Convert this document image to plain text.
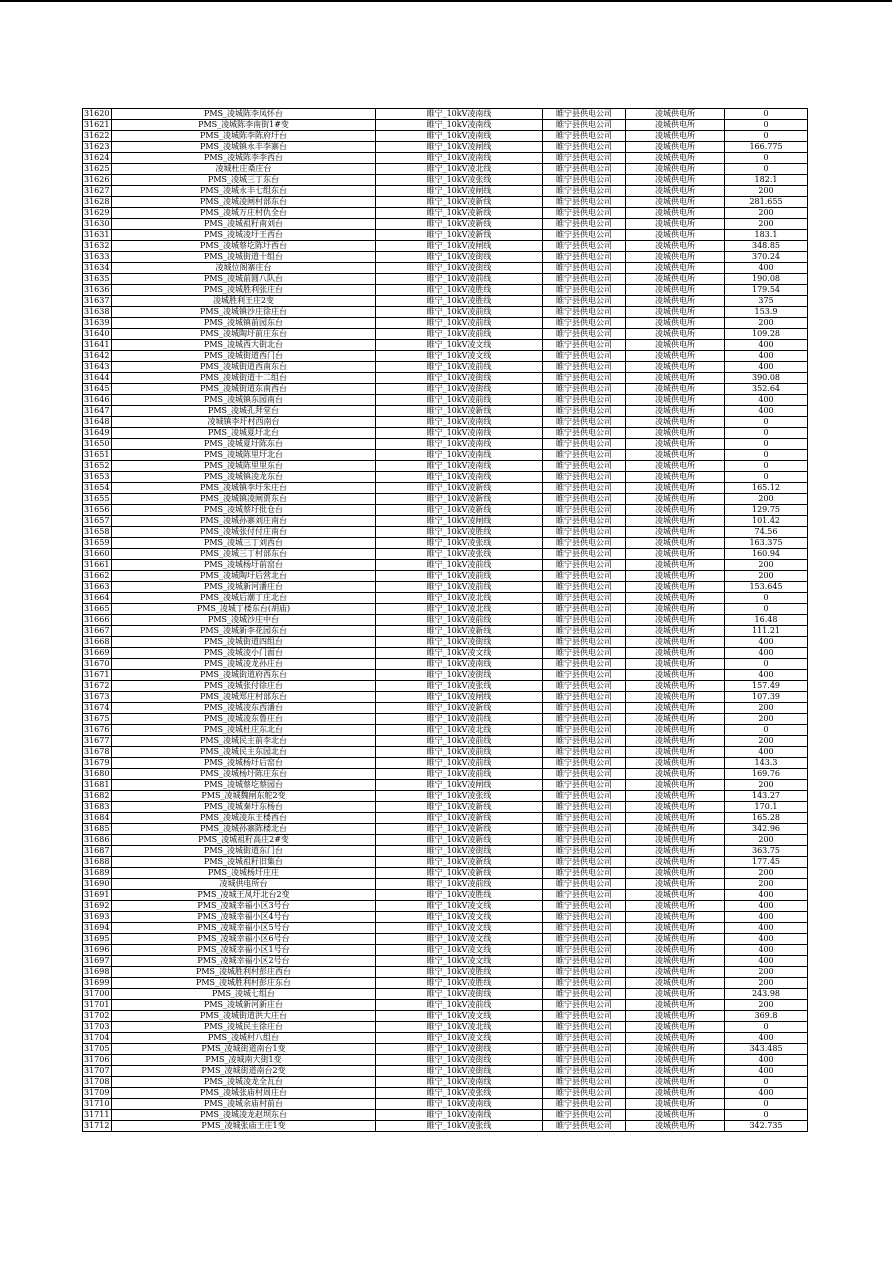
31620	PMS_凌城陈李凤怀台	睢宁_10kV凌南线	睢宁县供电公司	凌城供电所	0
31621	PMS_凌城陈李南街1#变	睢宁_10kV凌南线	睢宁县供电公司	凌城供电所	0
31622	PMS_凌城陈李陈府圩台	睢宁_10kV凌南线	睢宁县供电公司	凌城供电所	0
31623	PMS_凌城镇永丰李寨台	睢宁_10kV凌闸线	睢宁县供电公司	凌城供电所	166.775
31624	PMS_凌城陈李李西台	睢宁_10kV凌南线	睢宁县供电公司	凌城供电所	0
31625	凌城杜庄桑庄台	睢宁_10kV凌北线	睢宁县供电公司	凌城供电所	0
31626	PMS_凌城三丁东台	睢宁_10kV凌张线	睢宁县供电公司	凌城供电所	182.1
31627	PMS_凌城永丰七组东台	睢宁_10kV凌闸线	睢宁县供电公司	凌城供电所	200
31628	PMS_凌城凌闸村部东台	睢宁_10kV凌新线	睢宁县供电公司	凌城供电所	281.655
31629	PMS_凌城万庄村仇全台	睢宁_10kV凌新线	睢宁县供电公司	凌城供电所	200
31630	PMS_凌城祖籽南刘台	睢宁_10kV凌新线	睢宁县供电公司	凌城供电所	200
31631	PMS_凌城凌圩王西台	睢宁_10kV凌新线	睢宁县供电公司	凌城供电所	183.1
31632	PMS_凌城蔡圪陈圩西台	睢宁_10kV凌闸线	睢宁县供电公司	凌城供电所	348.85
31633	PMS_凌城街道十组台	睢宁_10kV凌街线	睢宁县供电公司	凌城供电所	370.24
31634	凌城位阁寨庄台	睢宁_10kV凌街线	睢宁县供电公司	凌城供电所	400
31635	PMS_凌城前圆八队台	睢宁_10kV凌前线	睢宁县供电公司	凌城供电所	190.08
31636	PMS_凌城胜利张庄台	睢宁_10kV凌胜线	睢宁县供电公司	凌城供电所	179.54
31637	凌城胜利王庄2变	睢宁_10kV凌胜线	睢宁县供电公司	凌城供电所	375
31638	PMS_凌城镇沙庄徐庄台	睢宁_10kV凌前线	睢宁县供电公司	凌城供电所	153.9
31639	PMS_凌城镇前园东台	睢宁_10kV凌前线	睢宁县供电公司	凌城供电所	200
31640	PMS_凌城陶圩前庄东台	睢宁_10kV凌前线	睢宁县供电公司	凌城供电所	109.28
31641	PMS_凌城西大街北台	睢宁_10kV凌文线	睢宁县供电公司	凌城供电所	400
31642	PMS_凌城街道西门台	睢宁_10kV凌文线	睢宁县供电公司	凌城供电所	400
31643	PMS_凌城街道西南东台	睢宁_10kV凌前线	睢宁县供电公司	凌城供电所	400
31644	PMS_凌城街道十二组台	睢宁_10kV凌街线	睢宁县供电公司	凌城供电所	390.08
31645	PMS_凌城街道东南西台	睢宁_10kV凌街线	睢宁县供电公司	凌城供电所	352.64
31646	PMS_凌城镇东园南台	睢宁_10kV凌前线	睢宁县供电公司	凌城供电所	400
31647	PMS_凌城孔拜堂台	睢宁_10kV凌新线	睢宁县供电公司	凌城供电所	400
31648	凌城镇李圩村西南台	睢宁_10kV凌南线	睢宁县供电公司	凌城供电所	0
31649	PMS_凌城夏圩北台	睢宁_10kV凌南线	睢宁县供电公司	凌城供电所	0
31650	PMS_凌城夏圩陈东台	睢宁_10kV凌南线	睢宁县供电公司	凌城供电所	0
31651	PMS_凌城陈里圩北台	睢宁_10kV凌南线	睢宁县供电公司	凌城供电所	0
31652	PMS_凌城陈里里东台	睢宁_10kV凌南线	睢宁县供电公司	凌城供电所	0
31653	PMS_凌城镇凌龙东台	睢宁_10kV凌南线	睢宁县供电公司	凌城供电所	0
31654	PMS_凌城镇李圩朱庄台	睢宁_10kV凌新线	睢宁县供电公司	凌城供电所	165.12
31655	PMS_凌城镇凌闸贾东台	睢宁_10kV凌新线	睢宁县供电公司	凌城供电所	200
31656	PMS_凌城蔡圩批仓台	睢宁_10kV凌新线	睢宁县供电公司	凌城供电所	129.75
31657	PMS_凌城孙寨刘庄南台	睢宁_10kV凌闸线	睢宁县供电公司	凌城供电所	101.42
31658	PMS_凌城张付付庄南台	睢宁_10kV凌胜线	睢宁县供电公司	凌城供电所	74.56
31659	PMS_凌城三丁刘西台	睢宁_10kV凌张线	睢宁县供电公司	凌城供电所	163.375
31660	PMS_凌城三丁村部东台	睢宁_10kV凌张线	睢宁县供电公司	凌城供电所	160.94
31661	PMS_凌城杨圩前窑台	睢宁_10kV凌前线	睢宁县供电公司	凌城供电所	200
31662	PMS_凌城陶圩后营北台	睢宁_10kV凌前线	睢宁县供电公司	凌城供电所	200
31663	PMS_凌城新河潘庄台	睢宁_10kV凌前线	睢宁县供电公司	凌城供电所	153.645
31664	PMS_凌城后潮丁庄北台	睢宁_10kV凌北线	睢宁县供电公司	凌城供电所	0
31665	PMS_凌城丁楼东台(胡庙)	睢宁_10kV凌北线	睢宁县供电公司	凌城供电所	0
31666	PMS_凌城沙庄中台	睢宁_10kV凌前线	睢宁县供电公司	凌城供电所	16.48
31667	PMS_凌城新李花园东台	睢宁_10kV凌新线	睢宁县供电公司	凌城供电所	111.21
31668	PMS_凌城街道四组台	睢宁_10kV凌街线	睢宁县供电公司	凌城供电所	400
31669	PMS_凌城凌小门面台	睢宁_10kV凌文线	睢宁县供电公司	凌城供电所	400
31670	PMS_凌城凌龙孙庄台	睢宁_10kV凌南线	睢宁县供电公司	凌城供电所	0
31671	PMS_凌城街道府西东台	睢宁_10kV凌街线	睢宁县供电公司	凌城供电所	400
31672	PMS_凌城张付徐庄台	睢宁_10kV凌张线	睢宁县供电公司	凌城供电所	157.49
31673	PMS_凌城郑庄村部东台	睢宁_10kV凌闸线	睢宁县供电公司	凌城供电所	107.39
31674	PMS_凌城凌东西潘台	睢宁_10kV凌新线	睢宁县供电公司	凌城供电所	200
31675	PMS_凌城凌东鲁庄台	睢宁_10kV凌前线	睢宁县供电公司	凌城供电所	200
31676	PMS_凌城杜庄东北台	睢宁_10kV凌北线	睢宁县供电公司	凌城供电所	0
31677	PMS_凌城民主前李北台	睢宁_10kV凌前线	睢宁县供电公司	凌城供电所	200
31678	PMS_凌城民主东园北台	睢宁_10kV凌前线	睢宁县供电公司	凌城供电所	400
31679	PMS_凌城杨圩后窑台	睢宁_10kV凌前线	睢宁县供电公司	凌城供电所	143.3
31680	PMS_凌城杨圩陈庄东台	睢宁_10kV凌前线	睢宁县供电公司	凌城供电所	169.76
31681	PMS_凌城蔡圪蔡园台	睢宁_10kV凌闸线	睢宁县供电公司	凌城供电所	200
31682	PMS_凌城魏闸东舵2变	睢宁_10kV凌张线	睢宁县供电公司	凌城供电所	143.27
31683	PMS_凌城秦圩东杨台	睢宁_10kV凌新线	睢宁县供电公司	凌城供电所	170.1
31684	PMS_凌城凌东王楼西台	睢宁_10kV凌新线	睢宁县供电公司	凌城供电所	165.28
31685	PMS_凌城孙寨陈楼北台	睢宁_10kV凌新线	睢宁县供电公司	凌城供电所	342.96
31686	PMS_凌城祖籽高庄2#变	睢宁_10kV凌新线	睢宁县供电公司	凌城供电所	200
31687	PMS_凌城街道东门台	睢宁_10kV凌街线	睢宁县供电公司	凌城供电所	363.75
31688	PMS_凌城祖籽旧集台	睢宁_10kV凌新线	睢宁县供电公司	凌城供电所	177.45
31689	PMS_凌城杨圩庄庄	睢宁_10kV凌新线	睢宁县供电公司	凌城供电所	200
31690	凌城供电所台	睢宁_10kV凌前线	睢宁县供电公司	凌城供电所	200
31691	PMS_凌城王凤圩北台2变	睢宁_10kV凌胜线	睢宁县供电公司	凌城供电所	400
31692	PMS_凌城幸福小区3号台	睢宁_10kV凌文线	睢宁县供电公司	凌城供电所	400
31693	PMS_凌城幸福小区4号台	睢宁_10kV凌文线	睢宁县供电公司	凌城供电所	400
31694	PMS_凌城幸福小区5号台	睢宁_10kV凌文线	睢宁县供电公司	凌城供电所	400
31695	PMS_凌城幸福小区6号台	睢宁_10kV凌文线	睢宁县供电公司	凌城供电所	400
31696	PMS_凌城幸福小区1号台	睢宁_10kV凌文线	睢宁县供电公司	凌城供电所	400
31697	PMS_凌城幸福小区2号台	睢宁_10kV凌文线	睢宁县供电公司	凌城供电所	400
31698	PMS_凌城胜利村彭庄西台	睢宁_10kV凌胜线	睢宁县供电公司	凌城供电所	200
31699	PMS_凌城胜利村彭庄东台	睢宁_10kV凌胜线	睢宁县供电公司	凌城供电所	200
31700	PMS_凌城七组台	睢宁_10kV凌街线	睢宁县供电公司	凌城供电所	243.98
31701	PMS_凌城新河新庄台	睢宁_10kV凌前线	睢宁县供电公司	凌城供电所	200
31702	PMS_凌城街道洪大庄台	睢宁_10kV凌文线	睢宁县供电公司	凌城供电所	369.8
31703	PMS_凌城民主徐庄台	睢宁_10kV凌北线	睢宁县供电公司	凌城供电所	0
31704	PMS_凌城村八组台	睢宁_10kV凌文线	睢宁县供电公司	凌城供电所	400
31705	PMS_凌城街道南台1变	睢宁_10kV凌街线	睢宁县供电公司	凌城供电所	343.485
31706	PMS_凌城南大街1变	睢宁_10kV凌街线	睢宁县供电公司	凌城供电所	400
31707	PMS_凌城街道南台2变	睢宁_10kV凌街线	睢宁县供电公司	凌城供电所	400
31708	PMS_凌城凌龙全瓦台	睢宁_10kV凌南线	睢宁县供电公司	凌城供电所	0
31709	PMS_凌城张庙村周庄台	睢宁_10kV凌张线	睢宁县供电公司	凌城供电所	400
31710	PMS_凌城余庙村前台	睢宁_10kV凌南线	睢宁县供电公司	凌城供电所	0
31711	PMS_凌城凌龙赵坝东台	睢宁_10kV凌南线	睢宁县供电公司	凌城供电所	0
31712	PMS_凌城张庙王庄1变	睢宁_10kV凌张线	睢宁县供电公司	凌城供电所	342.735
